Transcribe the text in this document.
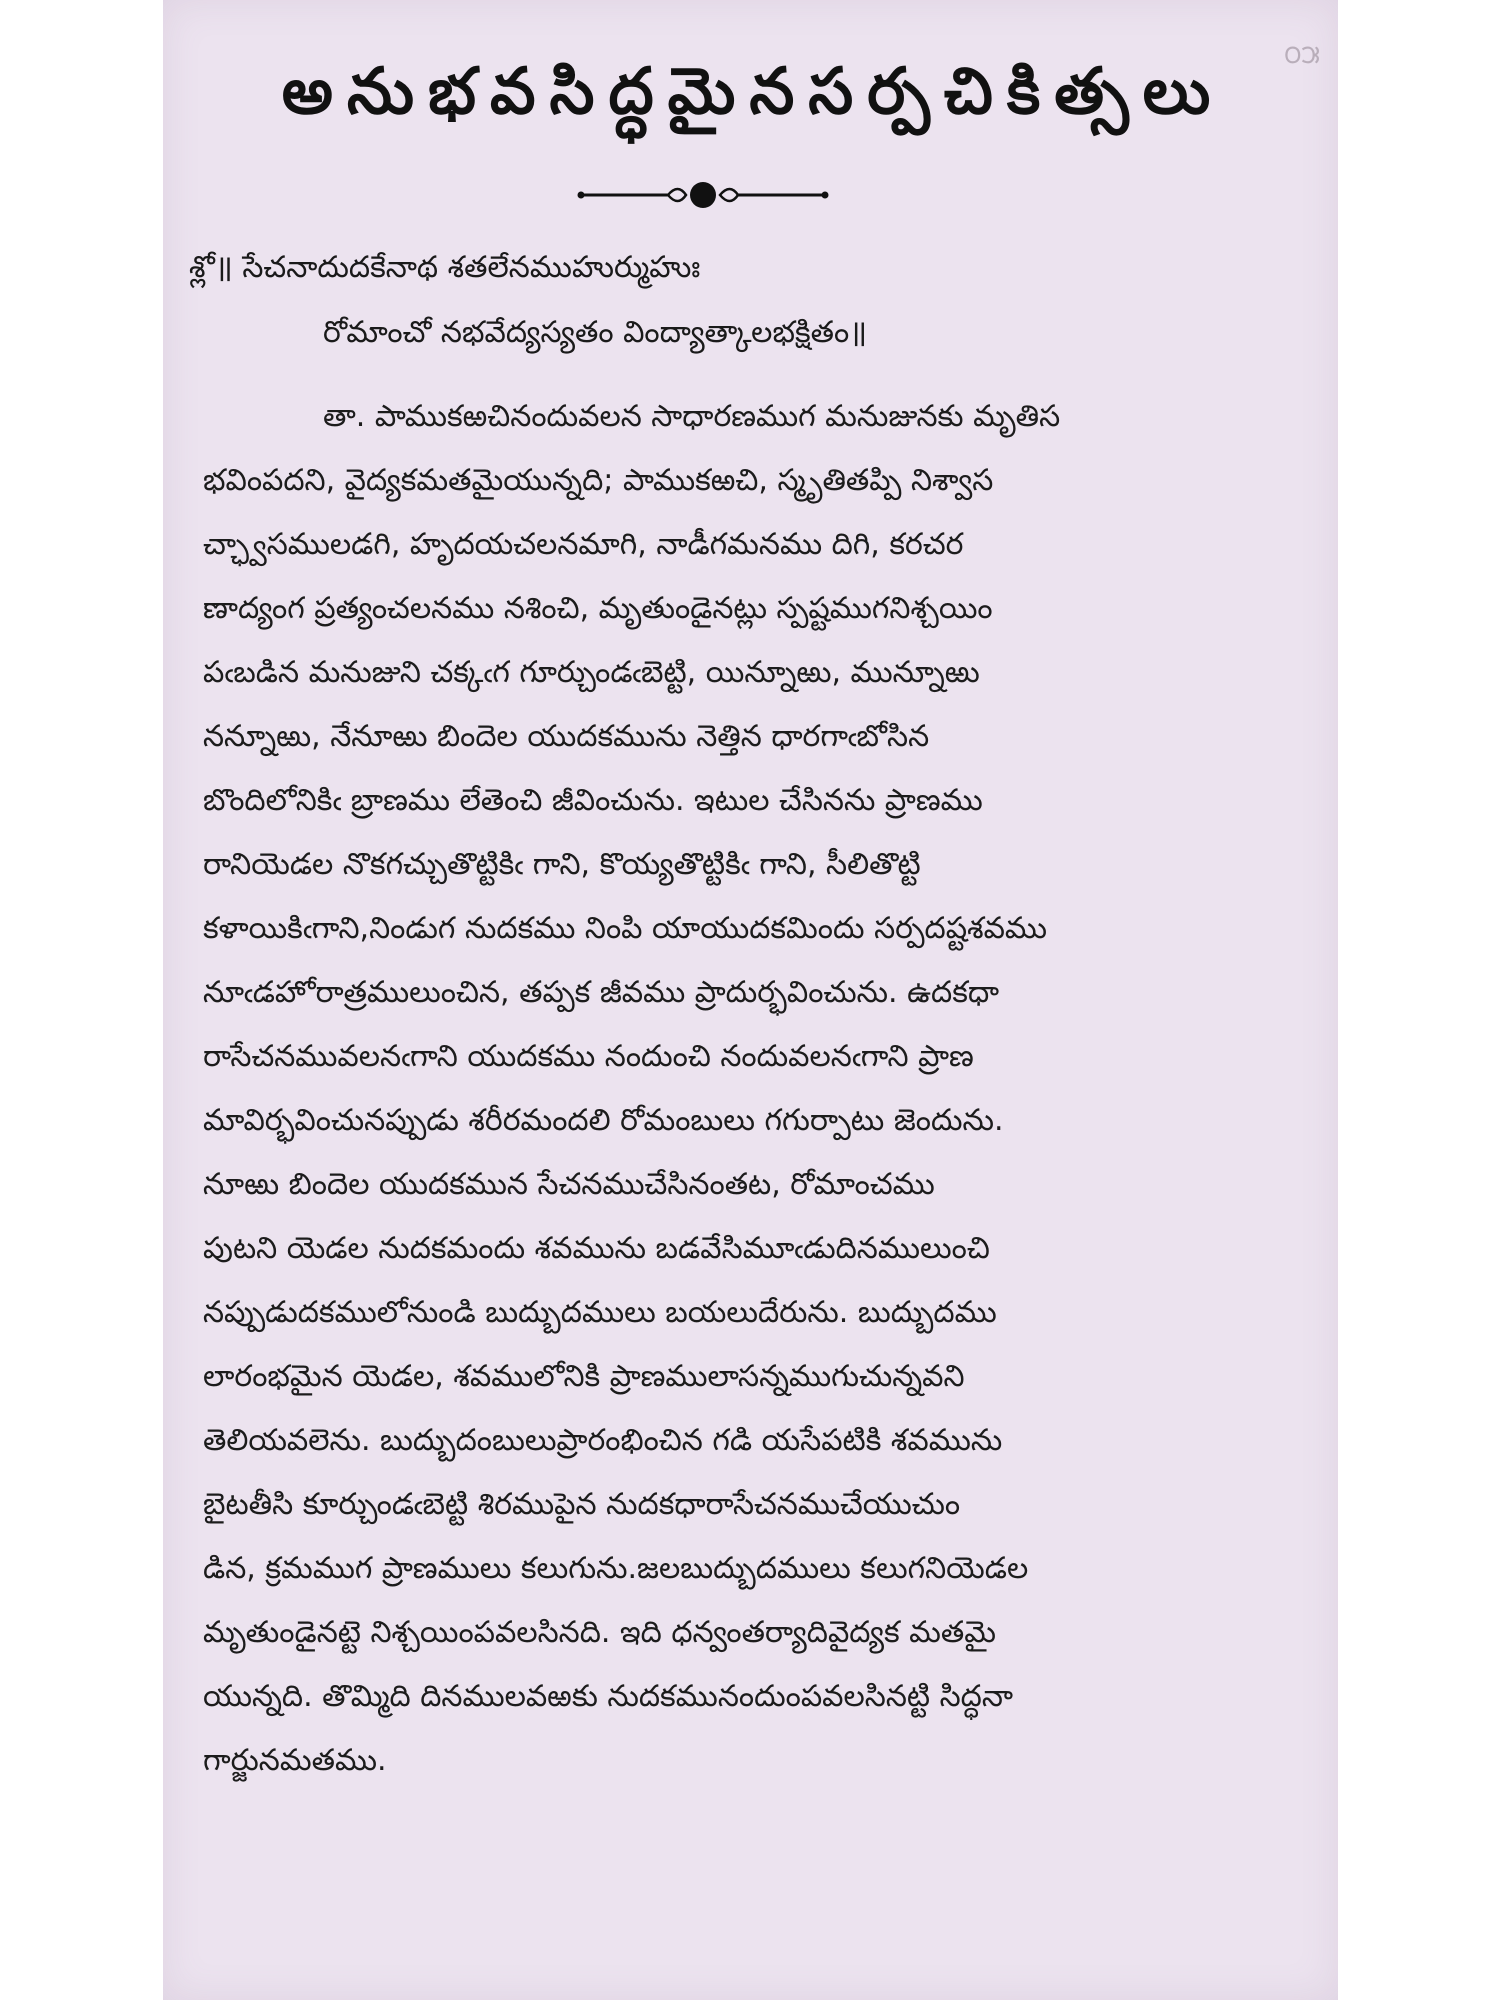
౦౫
అనుభవసిద్ధమైనసర్పచికిత్సలు
శ్లో॥ సేచనాదుదకేనాథ శతలేనముహుర్ముహుః
రోమాంచో నభవేద్యస్యతం వింద్యాత్కాలభక్షితం॥
తా. పాముకఱచినందువలన సాధారణముగ మనుజునకు మృతిస
భవింపదని, వైద్యకమతమైయున్నది; పాముకఱచి, స్మృతితప్పి నిశ్వాస
చ్ఛ్వాసములడగి, హృదయచలనమాగి, నాడీగమనము దిగి, కరచర
ణాద్యంగ ప్రత్యంచలనము నశించి, మృతుండైనట్లు స్పష్టముగనిశ్చయిం
పఁబడిన మనుజుని చక్కఁగ గూర్చుండఁబెట్టి, యిన్నూఱు, మున్నూఱు
నన్నూఱు, నేనూఱు బిందెల యుదకమును నెత్తిన ధారగాఁబోసిన
బొందిలోనికిఁ బ్రాణము లేతెంచి జీవించును. ఇటుల చేసినను ప్రాణము
రానియెడల నొకగచ్చుతొట్టికిఁ గాని, కొయ్యతొట్టికిఁ గాని, సీలితొట్టి
కళాయికిఁగాని,నిండుగ నుదకము నింపి యాయుదకమిందు సర్పదష్టశవము
నూఁడహోరాత్రములుంచిన, తప్పక జీవము ప్రాదుర్భవించును. ఉదకధా
రాసేచనమువలనఁగాని యుదకము నందుంచి నందువలనఁగాని ప్రాణ
మావిర్భవించునప్పుడు శరీరమందలి రోమంబులు గగుర్పాటు జెందును.
నూఱు బిందెల యుదకమున సేచనముచేసినంతట, రోమాంచము
పుటని యెడల నుదకమందు శవమును బడవేసిమూఁడుదినములుంచి
నప్పుడుదకములోనుండి బుద్బుదములు బయలుదేరును. బుద్బుదము
లారంభమైన యెడల, శవములోనికి ప్రాణములాసన్నముగుచున్నవని
తెలియవలెను. బుద్బుదంబులుప్రారంభించిన గడి యసేపటికి శవమును
బైటతీసి కూర్చుండఁబెట్టి శిరముపైన నుదకధారాసేచనముచేయుచుం
డిన, క్రమముగ ప్రాణములు కలుగును.జలబుద్బుదములు కలుగనియెడల
మృతుండైనట్టె నిశ్చయింపవలసినది. ఇది ధన్వంతర్యాదివైద్యక మతమై
యున్నది. తొమ్మిది దినములవఱకు నుదకమునందుంపవలసినట్టి సిద్ధనా
గార్జునమతము.
